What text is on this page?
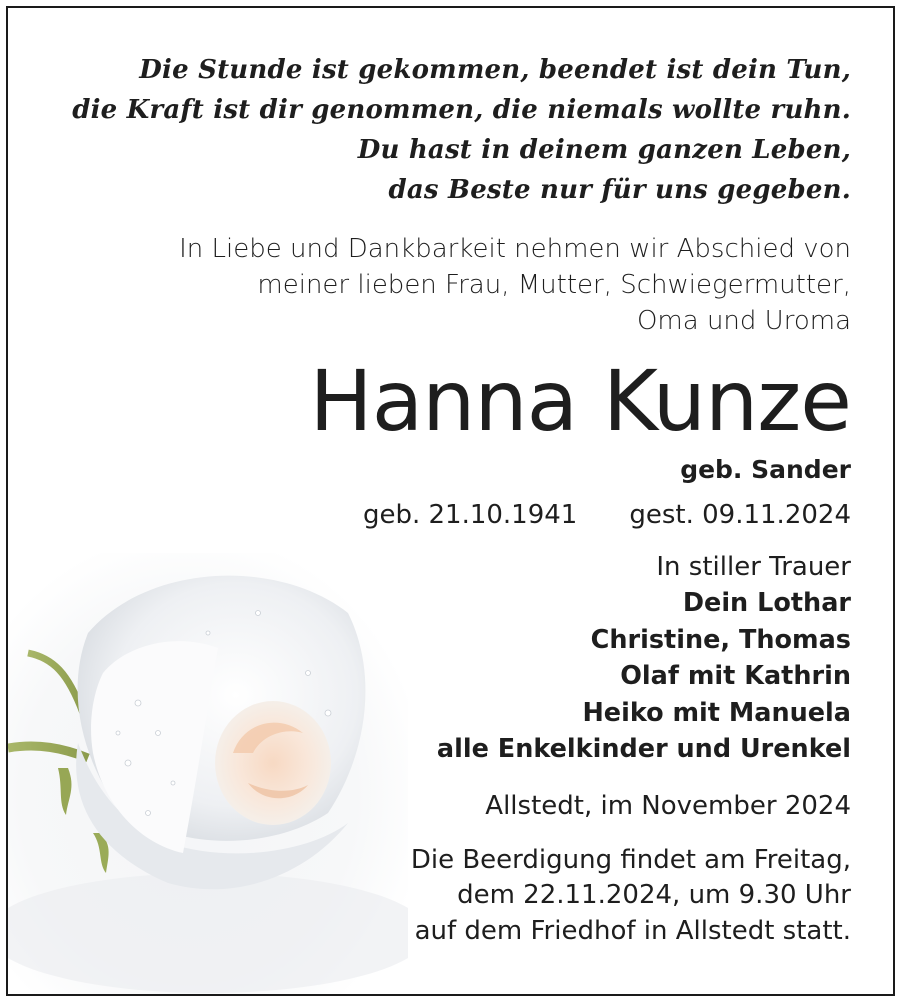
Die Stunde ist gekommen, beendet ist dein Tun,
die Kraft ist dir genommen, die niemals wollte ruhn.
Du hast in deinem ganzen Leben,
das Beste nur für uns gegeben.
In Liebe und Dankbarkeit nehmen wir Abschied von
meiner lieben Frau, Mutter, Schwiegermutter,
Oma und Uroma
Hanna Kunze
geb. Sander
geb. 21.10.1941 gest. 09.11.2024
In stiller Trauer
Dein Lothar
Christine, Thomas
Olaf mit Kathrin
Heiko mit Manuela
alle Enkelkinder und Urenkel
Allstedt, im November 2024
Die Beerdigung findet am Freitag,
dem 22.11.2024, um 9.30 Uhr
auf dem Friedhof in Allstedt statt.
